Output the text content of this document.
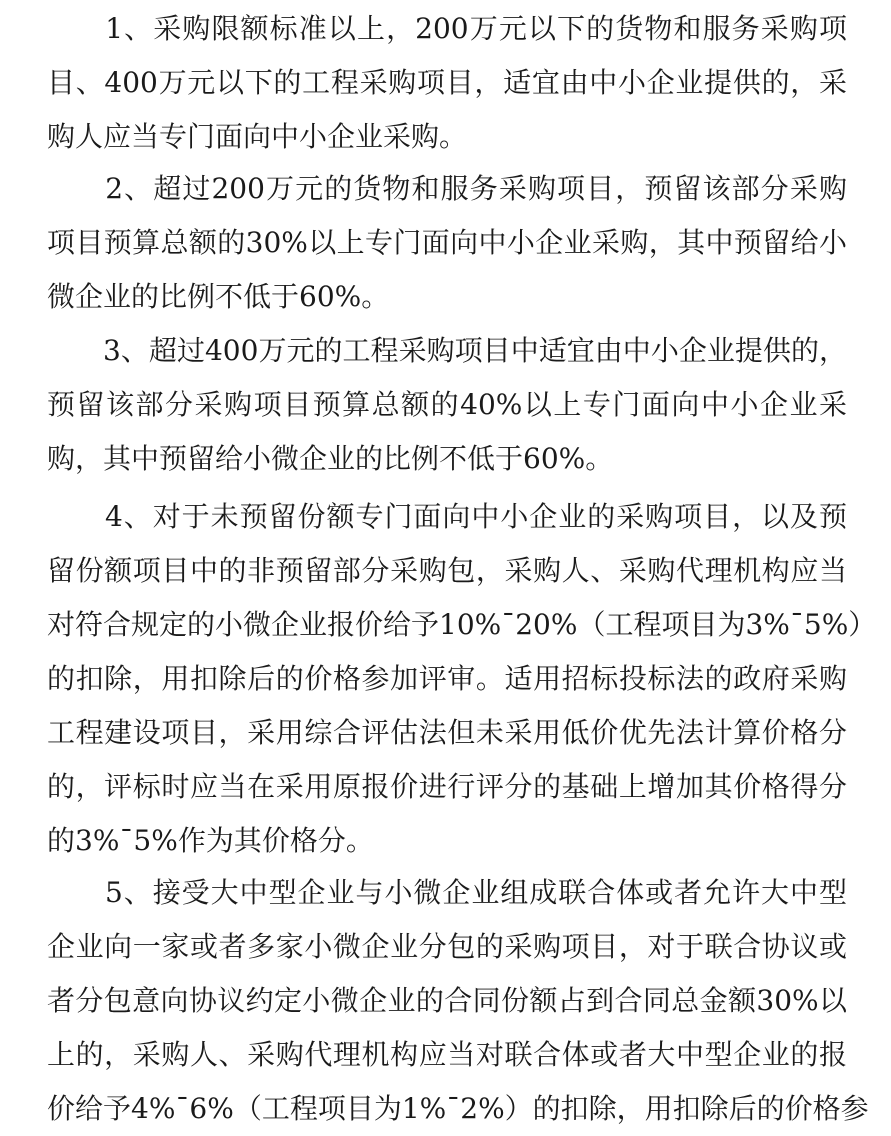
　　1、采购限额标准以上，200万元以下的货物和服务采购项
目、400万元以下的工程采购项目，适宜由中小企业提供的，采
购人应当专门面向中小企业采购。
　　2、超过200万元的货物和服务采购项目，预留该部分采购
项目预算总额的30%以上专门面向中小企业采购，其中预留给小
微企业的比例不低于60%。
　　3、超过400万元的工程采购项目中适宜由中小企业提供的，
预留该部分采购项目预算总额的40%以上专门面向中小企业采
购，其中预留给小微企业的比例不低于60%。
　　4、对于未预留份额专门面向中小企业的采购项目，以及预
留份额项目中的非预留部分采购包，采购人、采购代理机构应当
对符合规定的小微企业报价给予10%¯20%（工程项目为3%¯5%）
的扣除，用扣除后的价格参加评审。适用招标投标法的政府采购
工程建设项目，采用综合评估法但未采用低价优先法计算价格分
的，评标时应当在采用原报价进行评分的基础上增加其价格得分
的3%¯5%作为其价格分。
　　5、接受大中型企业与小微企业组成联合体或者允许大中型
企业向一家或者多家小微企业分包的采购项目，对于联合协议或
者分包意向协议约定小微企业的合同份额占到合同总金额30%以
上的，采购人、采购代理机构应当对联合体或者大中型企业的报
价给予4%¯6%（工程项目为1%¯2%）的扣除，用扣除后的价格参
